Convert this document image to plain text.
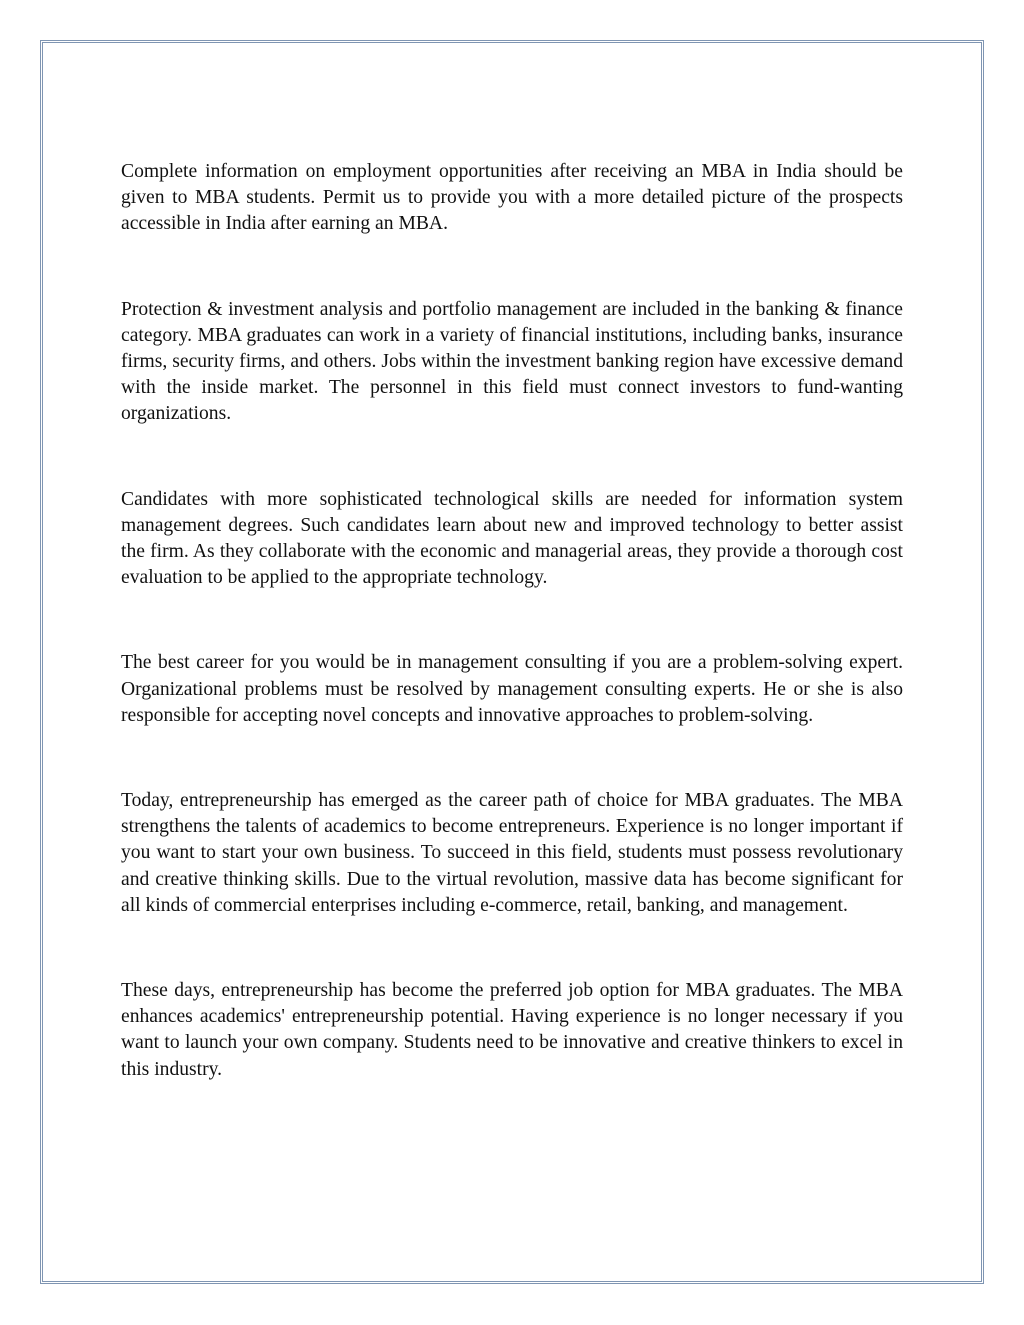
Complete information on employment opportunities after receiving an MBA in India should be given to MBA students. Permit us to provide you with a more detailed picture of the prospects accessible in India after earning an MBA.

Protection & investment analysis and portfolio management are included in the banking & finance category. MBA graduates can work in a variety of financial institutions, including banks, insurance firms, security firms, and others. Jobs within the investment banking region have excessive demand with the inside market. The personnel in this field must connect investors to fund-wanting organizations.

Candidates with more sophisticated technological skills are needed for information system management degrees. Such candidates learn about new and improved technology to better assist the firm. As they collaborate with the economic and managerial areas, they provide a thorough cost evaluation to be applied to the appropriate technology.

The best career for you would be in management consulting if you are a problem-solving expert. Organizational problems must be resolved by management consulting experts. He or she is also responsible for accepting novel concepts and innovative approaches to problem-solving.

Today, entrepreneurship has emerged as the career path of choice for MBA graduates. The MBA strengthens the talents of academics to become entrepreneurs. Experience is no longer important if you want to start your own business. To succeed in this field, students must possess revolutionary and creative thinking skills. Due to the virtual revolution, massive data has become significant for all kinds of commercial enterprises including e-commerce, retail, banking, and management.

These days, entrepreneurship has become the preferred job option for MBA graduates. The MBA enhances academics' entrepreneurship potential. Having experience is no longer necessary if you want to launch your own company. Students need to be innovative and creative thinkers to excel in this industry.
